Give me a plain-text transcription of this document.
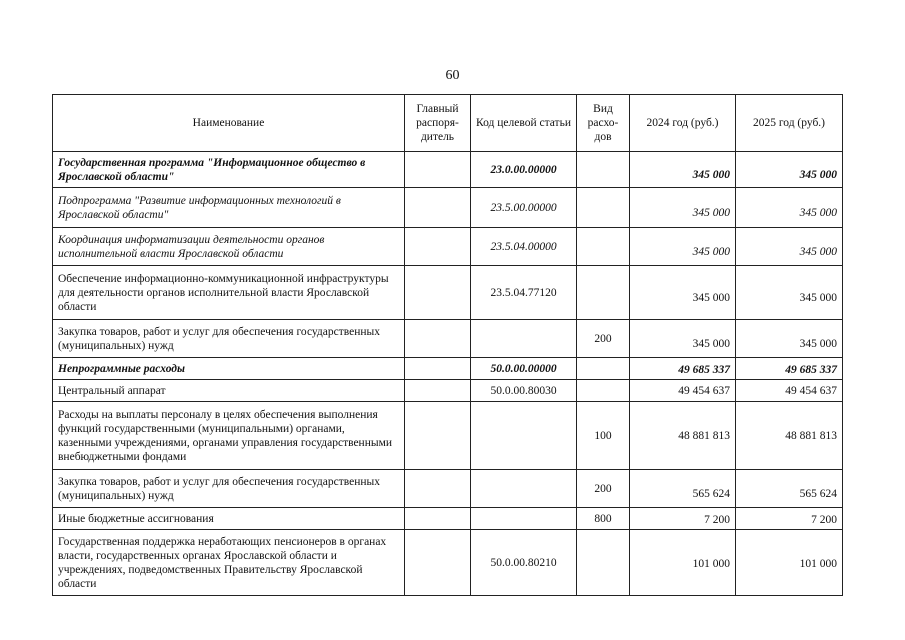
60
Наименование	Главный распоря-дитель	Код целевой статьи	Вид расхо-дов	2024 год (руб.)	2025 год (руб.)
Государственная программа "Информационное общество в Ярославской области"		23.0.00.00000		345 000	345 000
Подпрограмма "Развитие информационных технологий в Ярославской области"		23.5.00.00000		345 000	345 000
Координация информатизации деятельности органов исполнительной власти Ярославской области		23.5.04.00000		345 000	345 000
Обеспечение информационно-коммуникационной инфраструктуры для деятельности органов исполнительной власти Ярославской области		23.5.04.77120		345 000	345 000
Закупка товаров, работ и услуг для обеспечения государственных (муниципальных) нужд			200	345 000	345 000
Непрограммные расходы		50.0.00.00000		49 685 337	49 685 337
Центральный аппарат		50.0.00.80030		49 454 637	49 454 637
Расходы на выплаты персоналу в целях обеспечения выполнения функций государственными (муниципальными) органами, казенными учреждениями, органами управления государственными внебюджетными фондами			100	48 881 813	48 881 813
Закупка товаров, работ и услуг для обеспечения государственных (муниципальных) нужд			200	565 624	565 624
Иные бюджетные ассигнования			800	7 200	7 200
Государственная поддержка неработающих пенсионеров в органах власти, государственных органах Ярославской области и учреждениях, подведомственных Правительству Ярославской области		50.0.00.80210		101 000	101 000
